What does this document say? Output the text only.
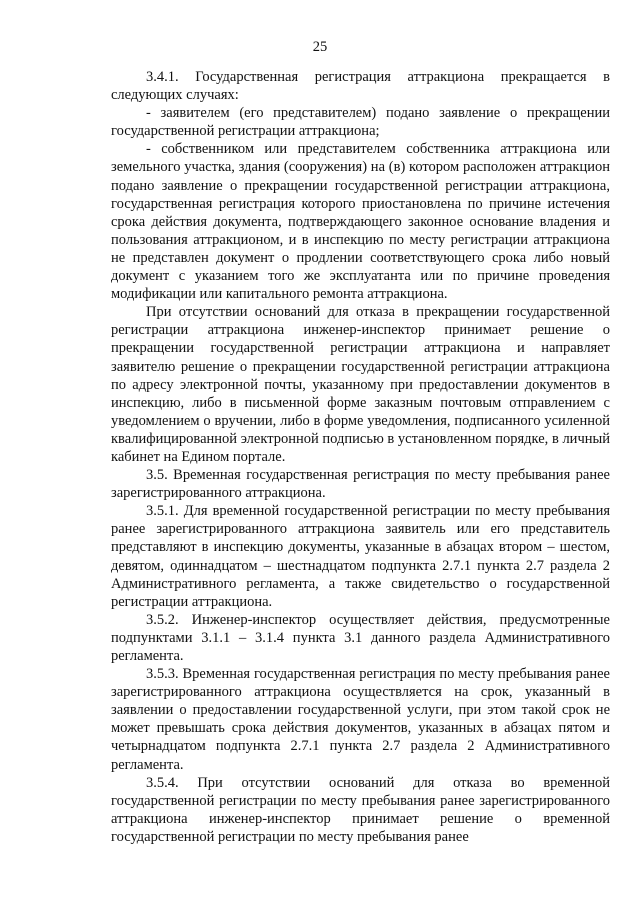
25

3.4.1. Государственная регистрация аттракциона прекращается в следующих случаях:

- заявителем (его представителем) подано заявление о прекращении государственной регистрации аттракциона;

- собственником или представителем собственника аттракциона или земельного участка, здания (сооружения) на (в) котором расположен аттракцион подано заявление о прекращении государственной регистрации аттракциона, государственная регистрация которого приостановлена по причине истечения срока действия документа, подтверждающего законное основание владения и пользования аттракционом, и в инспекцию по месту регистрации аттракциона не представлен документ о продлении соответствующего срока либо новый документ с указанием того же эксплуатанта или по причине проведения модификации или капитального ремонта аттракциона.

При отсутствии оснований для отказа в прекращении государственной регистрации аттракциона инженер-инспектор принимает решение о прекращении государственной регистрации аттракциона и направляет заявителю решение о прекращении государственной регистрации аттракциона по адресу электронной почты, указанному при предоставлении документов в инспекцию, либо в письменной форме заказным почтовым отправлением с уведомлением о вручении, либо в форме уведомления, подписанного усиленной квалифицированной электронной подписью в установленном порядке, в личный кабинет на Едином портале.

3.5. Временная государственная регистрация по месту пребывания ранее зарегистрированного аттракциона.

3.5.1. Для временной государственной регистрации по месту пребывания ранее зарегистрированного аттракциона заявитель или его представитель представляют в инспекцию документы, указанные в абзацах втором – шестом, девятом, одиннадцатом – шестнадцатом подпункта 2.7.1 пункта 2.7 раздела 2 Административного регламента, а также свидетельство о государственной регистрации аттракциона.

3.5.2. Инженер-инспектор осуществляет действия, предусмотренные подпунктами 3.1.1 – 3.1.4 пункта 3.1 данного раздела Административного регламента.

3.5.3. Временная государственная регистрация по месту пребывания ранее зарегистрированного аттракциона осуществляется на срок, указанный в заявлении о предоставлении государственной услуги, при этом такой срок не может превышать срока действия документов, указанных в абзацах пятом и четырнадцатом подпункта 2.7.1 пункта 2.7 раздела 2 Административного регламента.

3.5.4. При отсутствии оснований для отказа во временной государственной регистрации по месту пребывания ранее зарегистрированного аттракциона инженер-инспектор принимает решение о временной государственной регистрации по месту пребывания ранее
